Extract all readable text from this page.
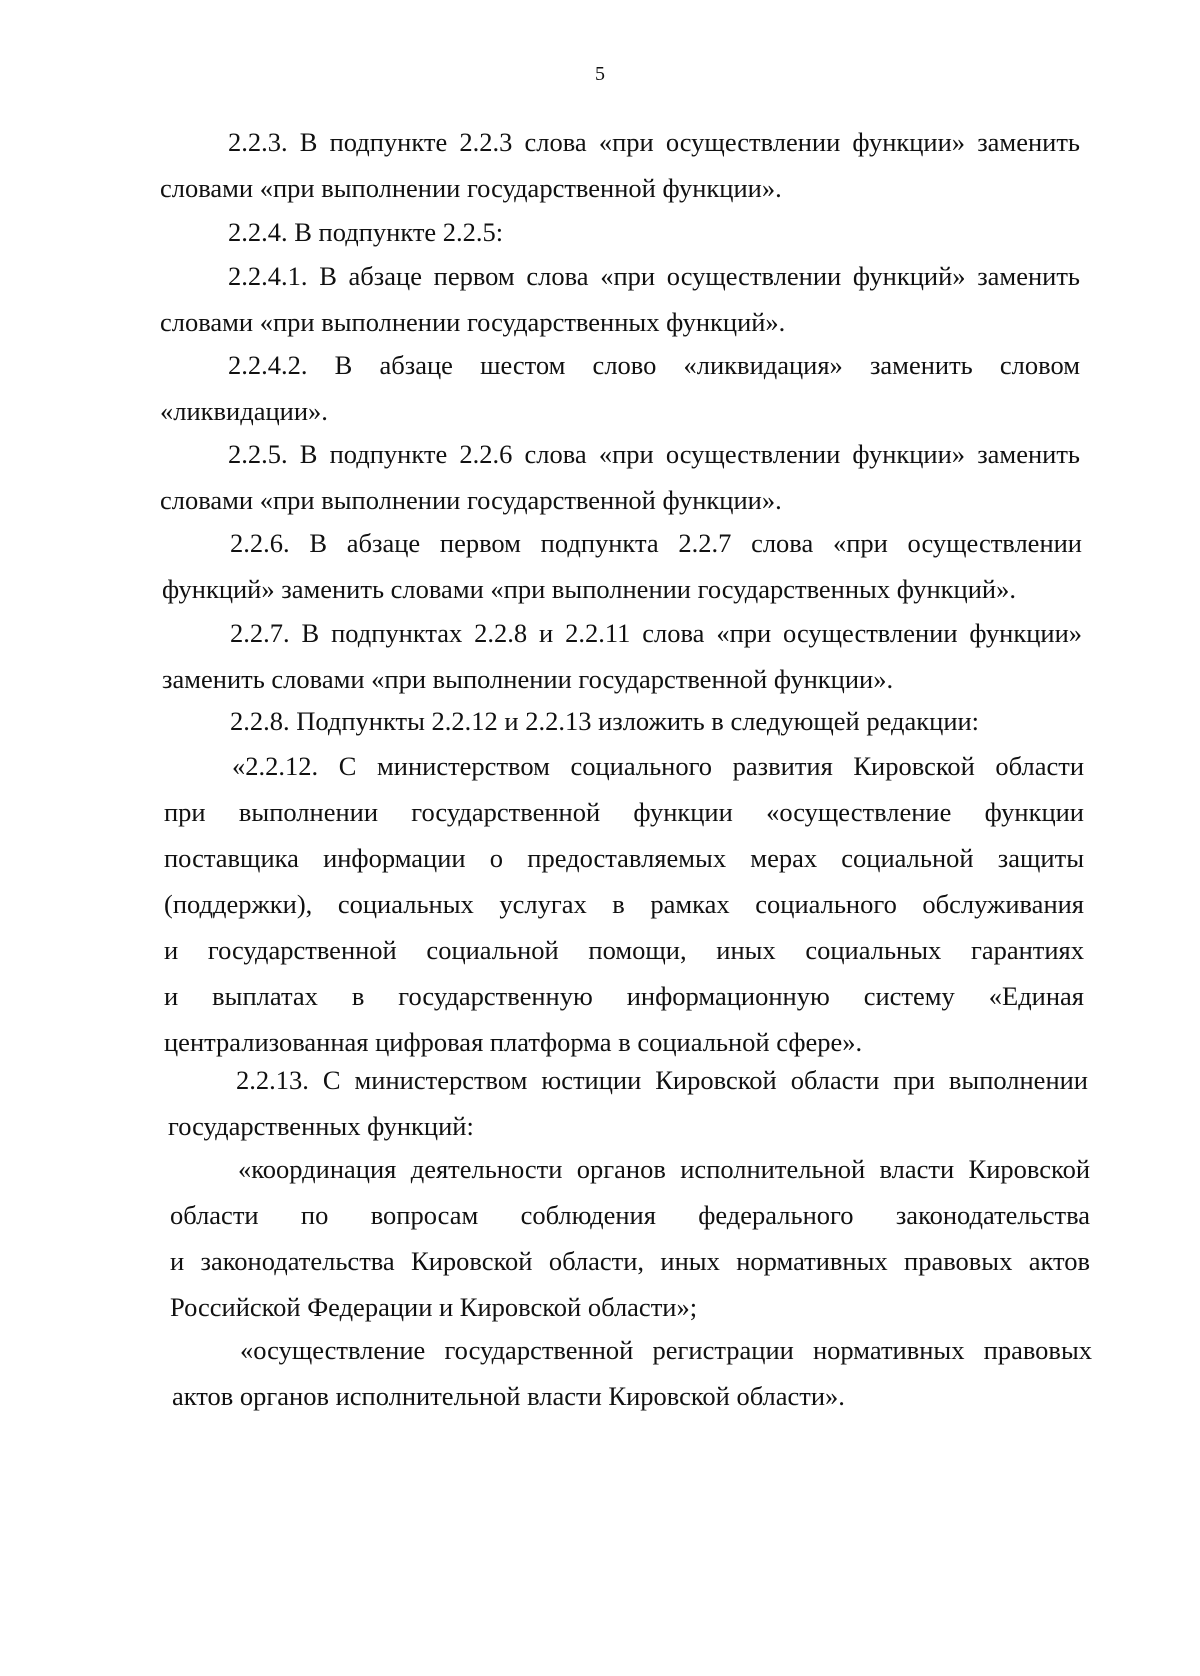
5
2.2.3. В подпункте 2.2.3 слова «при осуществлении функции» заменить
словами «при выполнении государственной функции».
2.2.4. В подпункте 2.2.5:
2.2.4.1. В абзаце первом слова «при осуществлении функций» заменить
словами «при выполнении государственных функций».
2.2.4.2. В абзаце шестом слово «ликвидация» заменить словом
«ликвидации».
2.2.5. В подпункте 2.2.6 слова «при осуществлении функции» заменить
словами «при выполнении государственной функции».
2.2.6. В абзаце первом подпункта 2.2.7 слова «при осуществлении
функций» заменить словами «при выполнении государственных функций».
2.2.7. В подпунктах 2.2.8 и 2.2.11 слова «при осуществлении функции»
заменить словами «при выполнении государственной функции».
2.2.8. Подпункты 2.2.12 и 2.2.13 изложить в следующей редакции:
«2.2.12. С министерством социального развития Кировской области
при выполнении государственной функции «осуществление функции
поставщика информации о предоставляемых мерах социальной защиты
(поддержки), социальных услугах в рамках социального обслуживания
и государственной социальной помощи, иных социальных гарантиях
и выплатах в государственную информационную систему «Единая
централизованная цифровая платформа в социальной сфере».
2.2.13. С министерством юстиции Кировской области при выполнении
государственных функций:
«координация деятельности органов исполнительной власти Кировской
области по вопросам соблюдения федерального законодательства
и законодательства Кировской области, иных нормативных правовых актов
Российской Федерации и Кировской области»;
«осуществление государственной регистрации нормативных правовых
актов органов исполнительной власти Кировской области».
